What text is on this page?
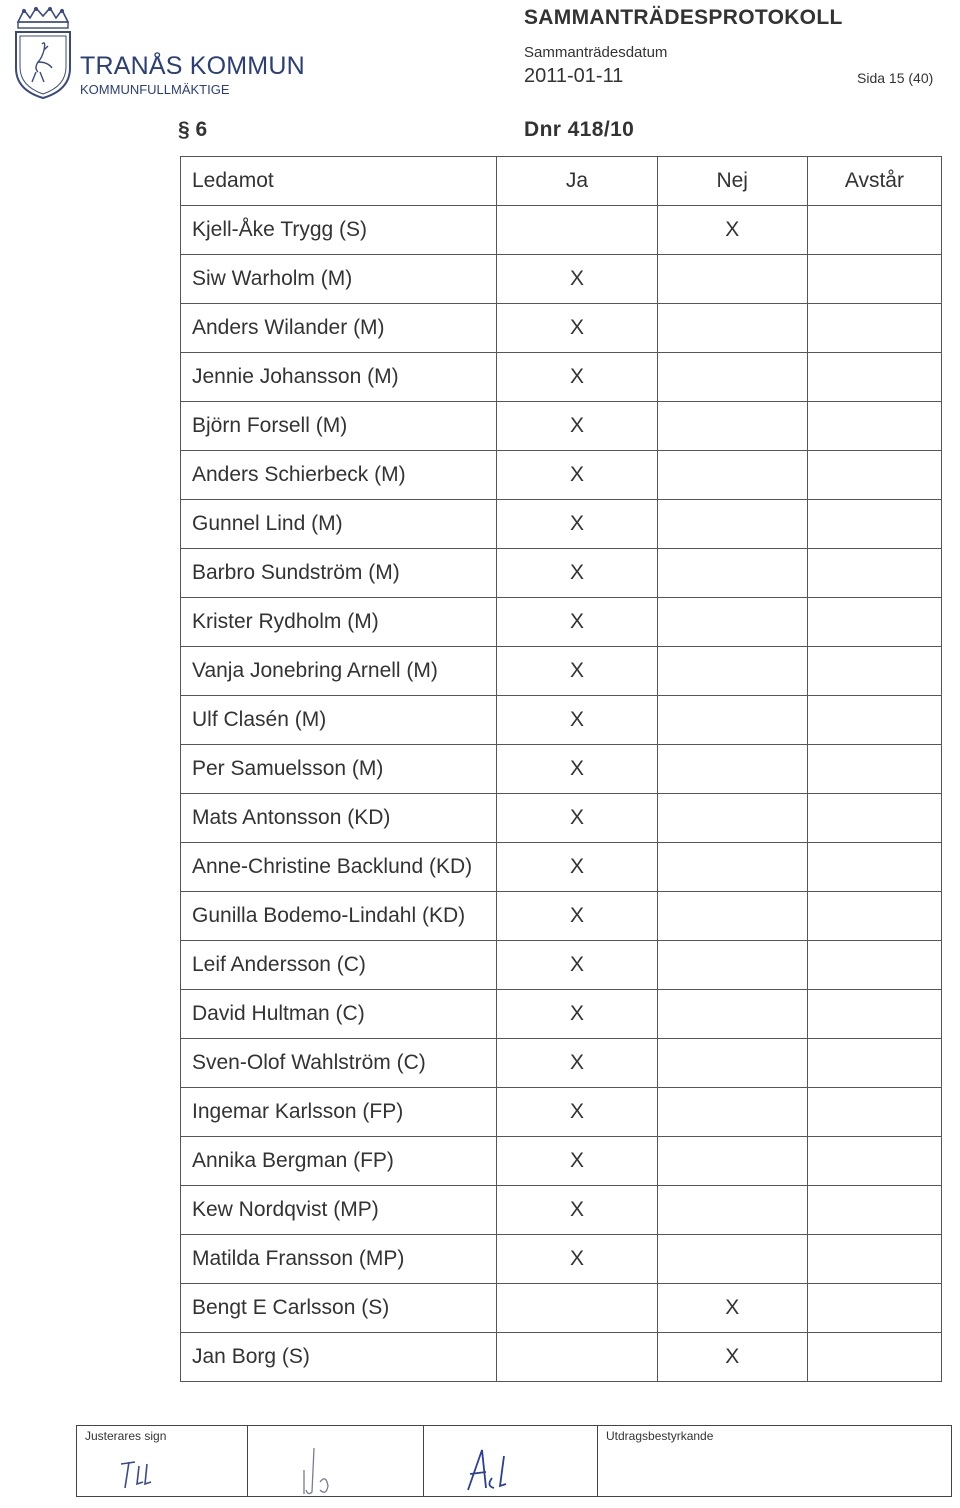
TRANÅS KOMMUN
KOMMUNFULLMÄKTIGE
SAMMANTRÄDESPROTOKOLL
Sammanträdesdatum
2011-01-11	Sida 15 (40)
§ 6	Dnr 418/10
Ledamot	Ja	Nej	Avstår
Kjell-Åke Trygg (S)		X	
Siw Warholm (M)	X		
Anders Wilander (M)	X		
Jennie Johansson (M)	X		
Björn Forsell (M)	X		
Anders Schierbeck (M)	X		
Gunnel Lind (M)	X		
Barbro Sundström (M)	X		
Krister Rydholm (M)	X		
Vanja Jonebring Arnell (M)	X		
Ulf Clasén (M)	X		
Per Samuelsson (M)	X		
Mats Antonsson (KD)	X		
Anne-Christine Backlund (KD)	X		
Gunilla Bodemo-Lindahl (KD)	X		
Leif Andersson (C)	X		
David Hultman (C)	X		
Sven-Olof Wahlström (C)	X		
Ingemar Karlsson (FP)	X		
Annika Bergman (FP)	X		
Kew Nordqvist (MP)	X		
Matilda Fransson (MP)	X		
Bengt E Carlsson (S)		X	
Jan Borg (S)		X	
Justerares sign	Utdragsbestyrkande
